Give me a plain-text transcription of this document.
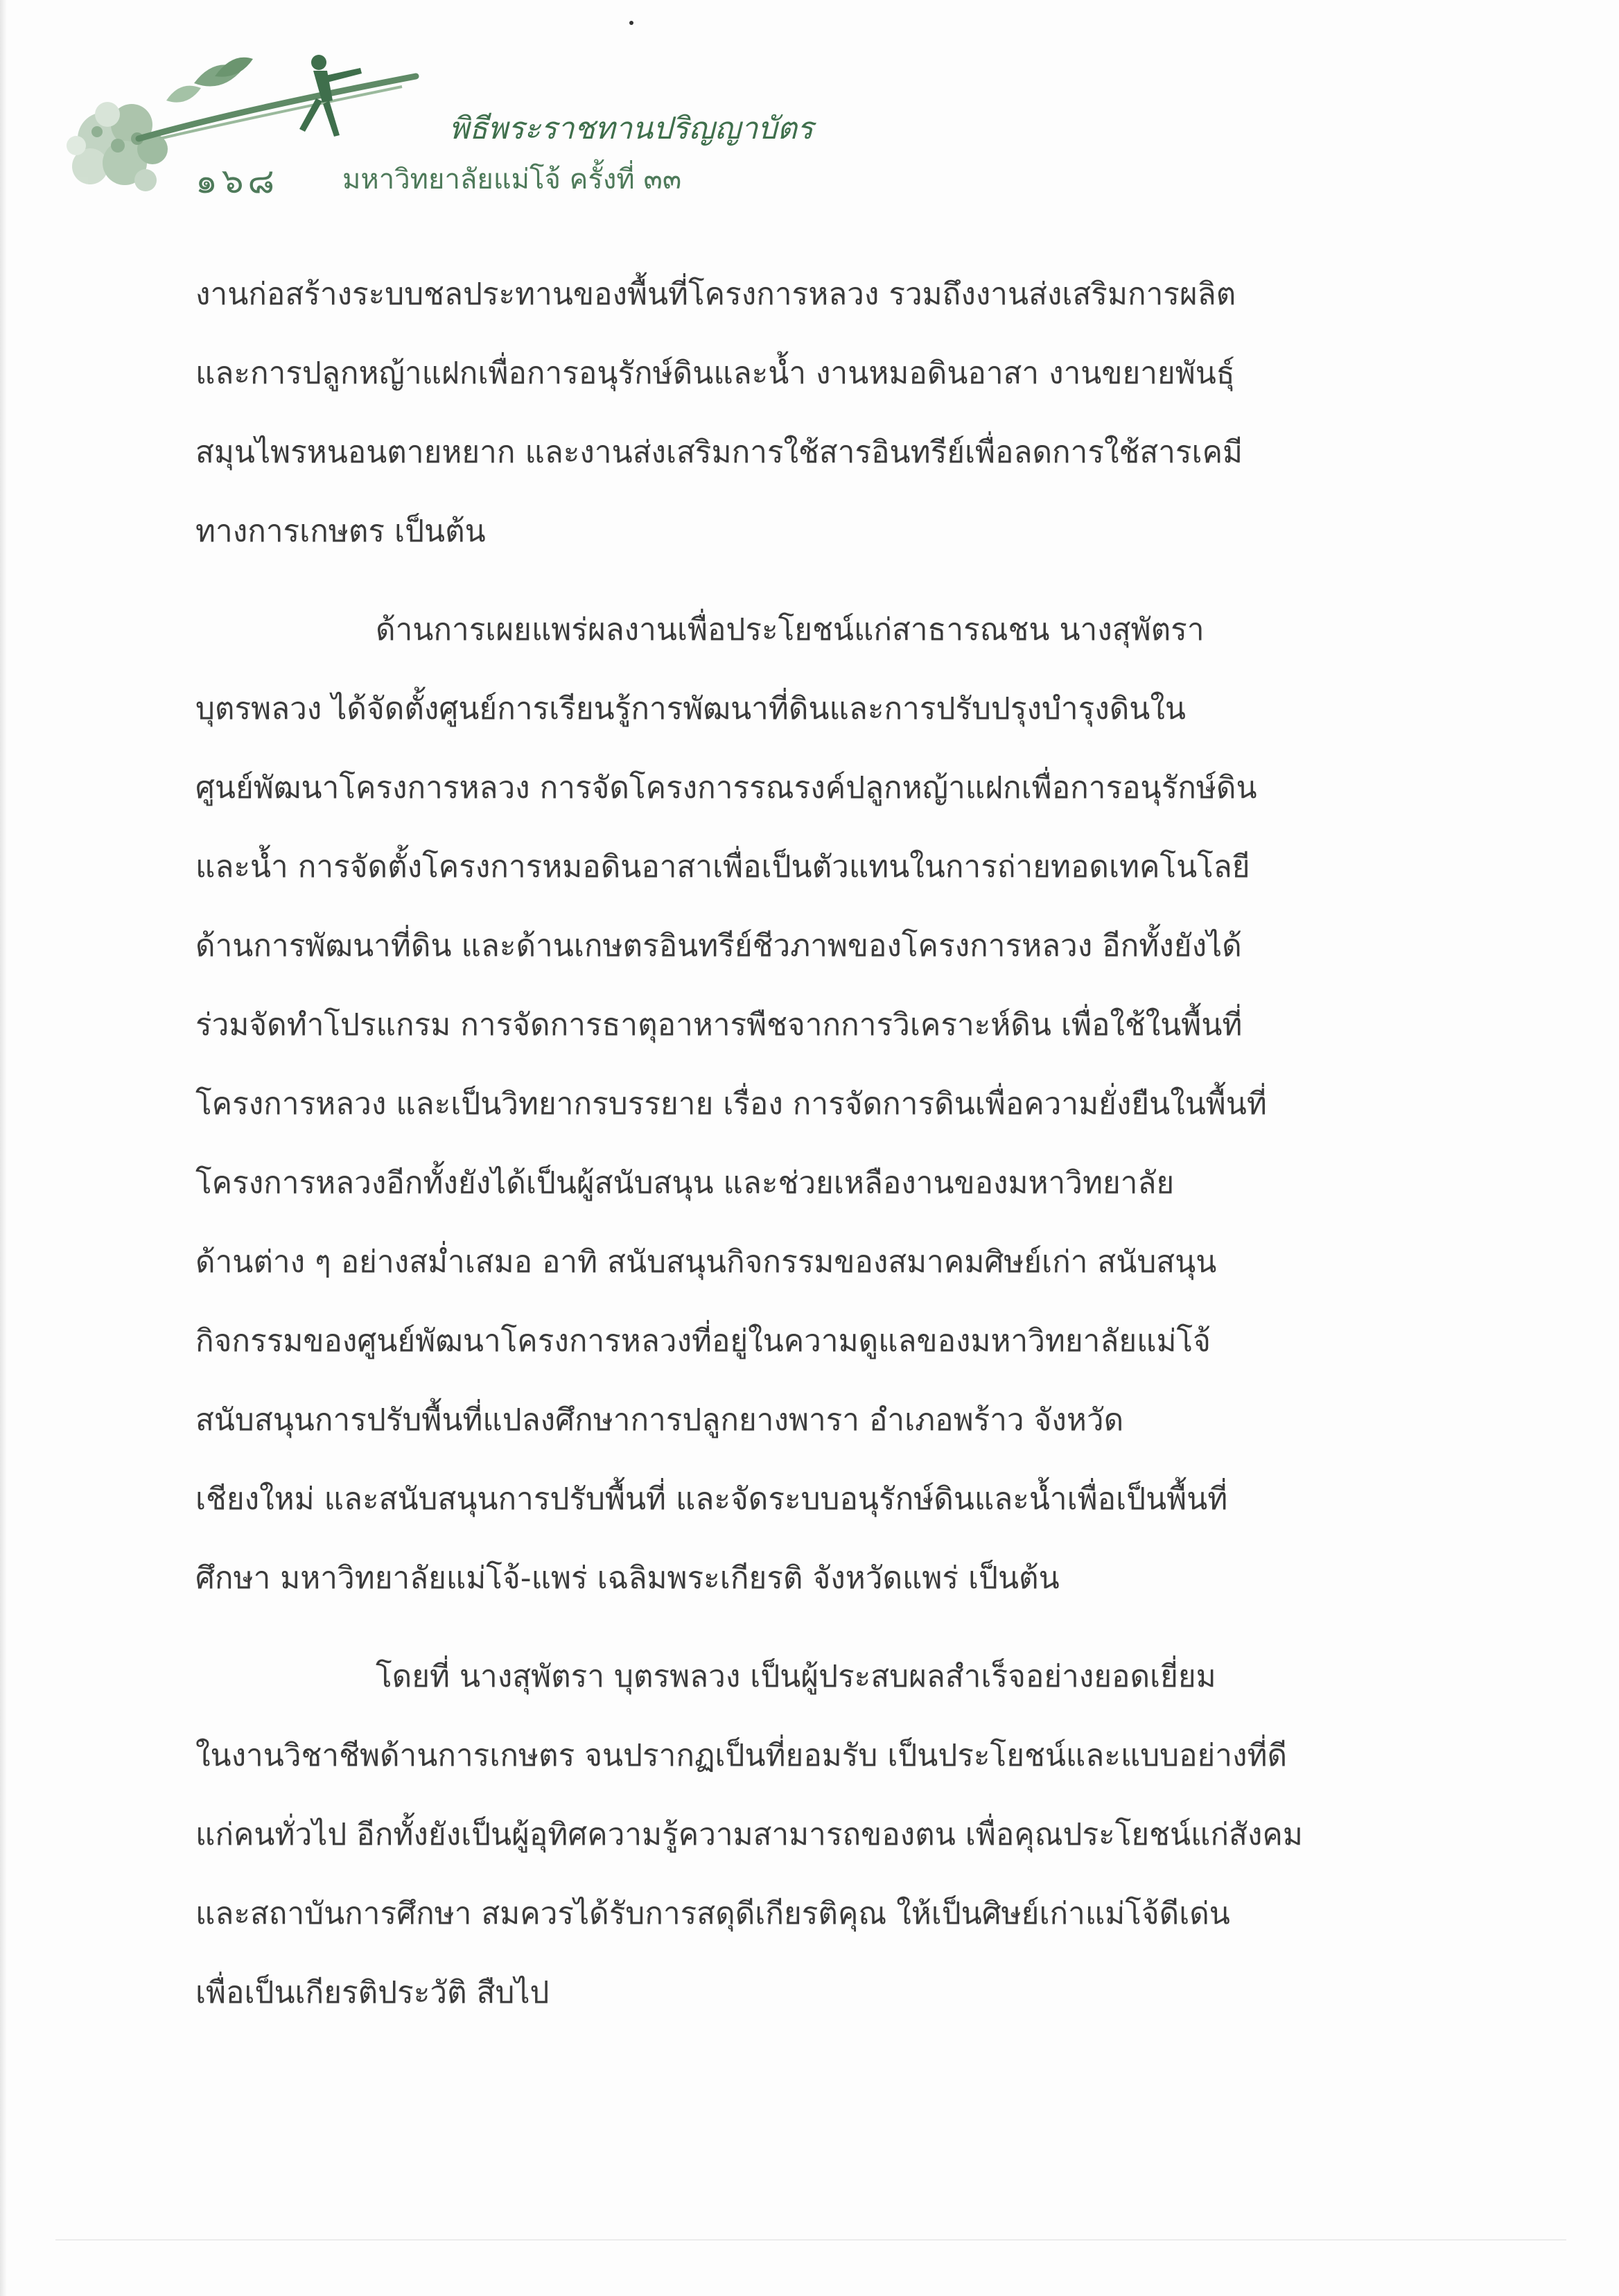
พิธีพระราชทานปริญญาบัตร
๑๖๘ มหาวิทยาลัยแม่โจ้ ครั้งที่ ๓๓
งานก่อสร้างระบบชลประทานของพื้นที่โครงการหลวง รวมถึงงานส่งเสริมการผลิต
และการปลูกหญ้าแฝกเพื่อการอนุรักษ์ดินและน้ำ งานหมอดินอาสา งานขยายพันธุ์
สมุนไพรหนอนตายหยาก และงานส่งเสริมการใช้สารอินทรีย์เพื่อลดการใช้สารเคมี
ทางการเกษตร เป็นต้น
ด้านการเผยแพร่ผลงานเพื่อประโยชน์แก่สาธารณชน นางสุพัตรา
บุตรพลวง ได้จัดตั้งศูนย์การเรียนรู้การพัฒนาที่ดินและการปรับปรุงบำรุงดินใน
ศูนย์พัฒนาโครงการหลวง การจัดโครงการรณรงค์ปลูกหญ้าแฝกเพื่อการอนุรักษ์ดิน
และน้ำ การจัดตั้งโครงการหมอดินอาสาเพื่อเป็นตัวแทนในการถ่ายทอดเทคโนโลยี
ด้านการพัฒนาที่ดิน และด้านเกษตรอินทรีย์ชีวภาพของโครงการหลวง อีกทั้งยังได้
ร่วมจัดทำโปรแกรม การจัดการธาตุอาหารพืชจากการวิเคราะห์ดิน เพื่อใช้ในพื้นที่
โครงการหลวง และเป็นวิทยากรบรรยาย เรื่อง การจัดการดินเพื่อความยั่งยืนในพื้นที่
โครงการหลวงอีกทั้งยังได้เป็นผู้สนับสนุน และช่วยเหลืองานของมหาวิทยาลัย
ด้านต่าง ๆ อย่างสม่ำเสมอ อาทิ สนับสนุนกิจกรรมของสมาคมศิษย์เก่า สนับสนุน
กิจกรรมของศูนย์พัฒนาโครงการหลวงที่อยู่ในความดูแลของมหาวิทยาลัยแม่โจ้
สนับสนุนการปรับพื้นที่แปลงศึกษาการปลูกยางพารา อำเภอพร้าว จังหวัด
เชียงใหม่ และสนับสนุนการปรับพื้นที่ และจัดระบบอนุรักษ์ดินและน้ำเพื่อเป็นพื้นที่
ศึกษา มหาวิทยาลัยแม่โจ้-แพร่ เฉลิมพระเกียรติ จังหวัดแพร่ เป็นต้น
โดยที่ นางสุพัตรา บุตรพลวง เป็นผู้ประสบผลสำเร็จอย่างยอดเยี่ยม
ในงานวิชาชีพด้านการเกษตร จนปรากฏเป็นที่ยอมรับ เป็นประโยชน์และแบบอย่างที่ดี
แก่คนทั่วไป อีกทั้งยังเป็นผู้อุทิศความรู้ความสามารถของตน เพื่อคุณประโยชน์แก่สังคม
และสถาบันการศึกษา สมควรได้รับการสดุดีเกียรติคุณ ให้เป็นศิษย์เก่าแม่โจ้ดีเด่น
เพื่อเป็นเกียรติประวัติ สืบไป
